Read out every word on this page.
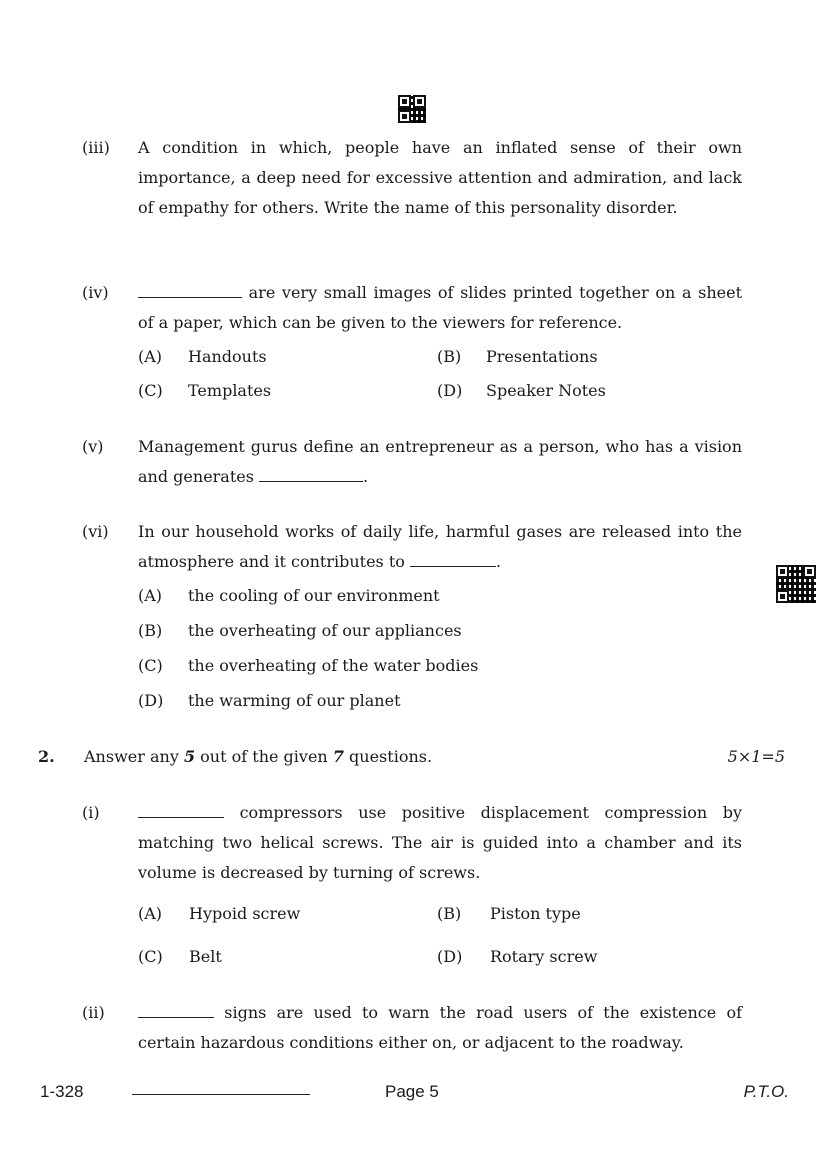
(iii) A condition in which, people have an inflated sense of their own importance, a deep need for excessive attention and admiration, and lack of empathy for others. Write the name of this personality disorder.
(iv)	are very small images of slides printed together on a sheet of a paper, which can be given to the viewers for reference.
(A) Handouts	(B) Presentations
(C) Templates	(D) Speaker Notes
(v) Management gurus define an entrepreneur as a person, who has a vision and generates	.
(vi) In our household works of daily life, harmful gases are released into the atmosphere and it contributes to	.
(A) the cooling of our environment
(B) the overheating of our appliances
(C) the overheating of the water bodies
(D) the warming of our planet
2. Answer any 5 out of the given 7 questions.	5×1=5
(i)	compressors use positive displacement compression by matching two helical screws. The air is guided into a chamber and its volume is decreased by turning of screws.
(A) Hypoid screw	(B) Piston type
(C) Belt	(D) Rotary screw
(ii)	signs are used to warn the road users of the existence of certain hazardous conditions either on, or adjacent to the roadway.
1-328	Page 5	P.T.O.
